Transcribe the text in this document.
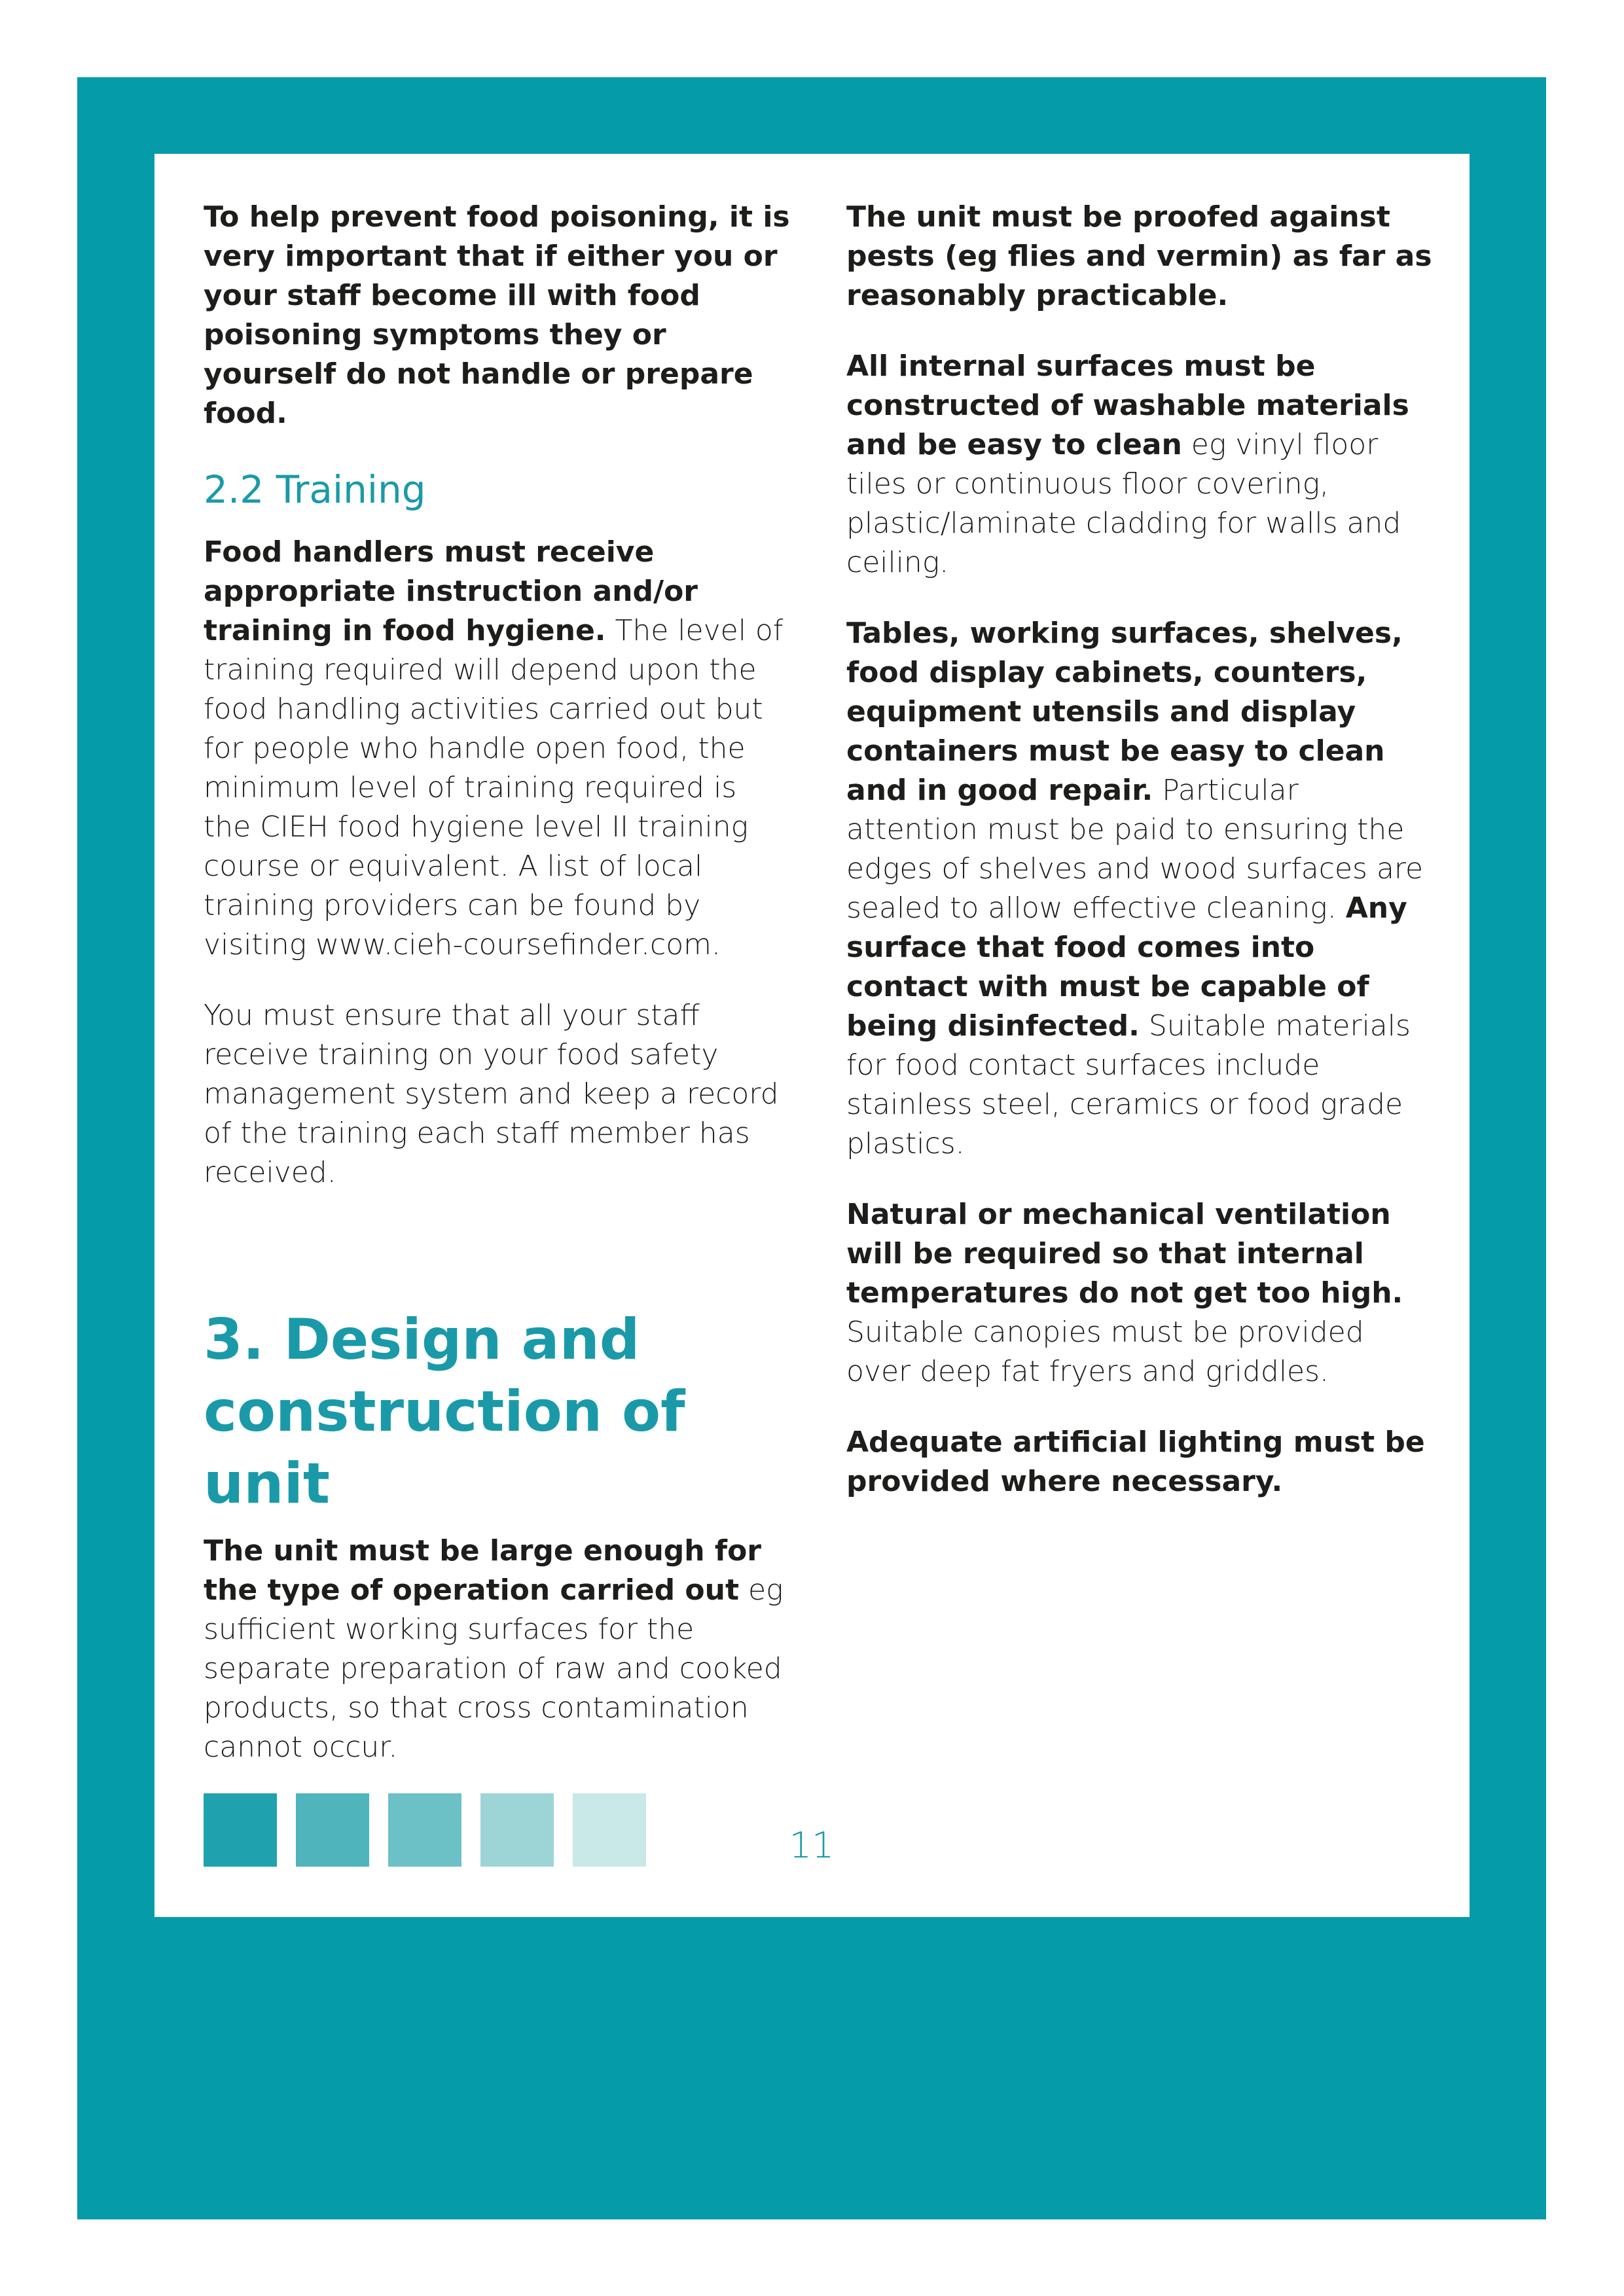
To help prevent food poisoning, it is very important that if either you or your staff become ill with food poisoning symptoms they or yourself do not handle or prepare food.

2.2 Training

Food handlers must receive appropriate instruction and/or training in food hygiene. The level of training required will depend upon the food handling activities carried out but for people who handle open food, the minimum level of training required is the CIEH food hygiene level II training course or equivalent. A list of local training providers can be found by visiting www.cieh-coursefinder.com.

You must ensure that all your staff receive training on your food safety management system and keep a record of the training each staff member has received.

3. Design and
construction of unit

The unit must be large enough for the type of operation carried out eg sufficient working surfaces for the separate preparation of raw and cooked products, so that cross contamination cannot occur.

The unit must be proofed against pests (eg flies and vermin) as far as reasonably practicable.

All internal surfaces must be constructed of washable materials and be easy to clean eg vinyl floor tiles or continuous floor covering, plastic/laminate cladding for walls and ceiling.

Tables, working surfaces, shelves, food display cabinets, counters, equipment utensils and display containers must be easy to clean and in good repair. Particular attention must be paid to ensuring the edges of shelves and wood surfaces are sealed to allow effective cleaning. Any surface that food comes into contact with must be capable of being disinfected. Suitable materials for food contact surfaces include stainless steel, ceramics or food grade plastics.

Natural or mechanical ventilation will be required so that internal temperatures do not get too high. Suitable canopies must be provided over deep fat fryers and griddles.

Adequate artificial lighting must be provided where necessary.

11
